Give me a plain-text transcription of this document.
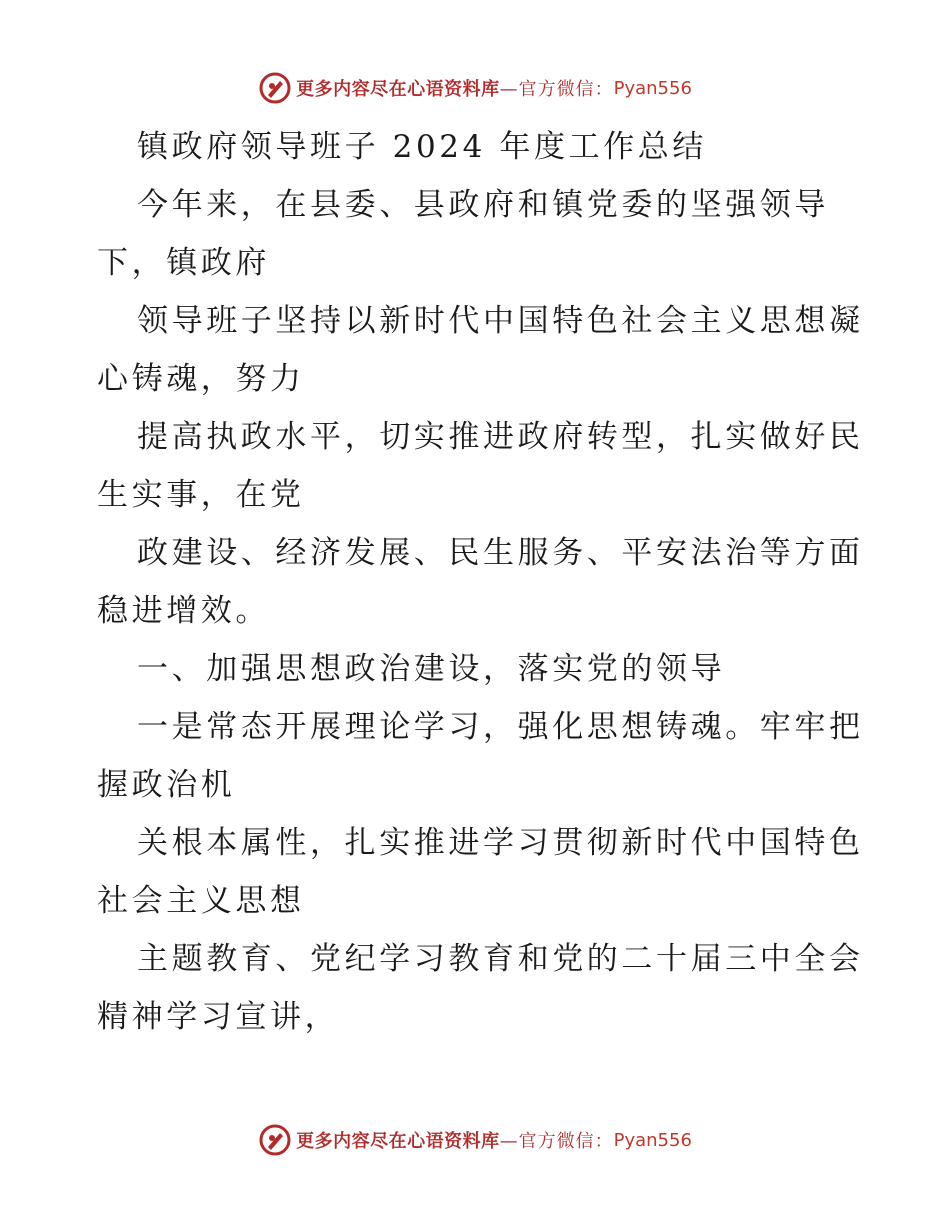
更多内容尽在心语资料库 —官方微信： Pyan556
镇政府领导班子 2024 年度工作总结
今年来，在县委、县政府和镇党委的坚强领导
下，镇政府
领导班子坚持以新时代中国特色社会主义思想凝
心铸魂，努力
提高执政水平，切实推进政府转型，扎实做好民
生实事，在党
政建设、经济发展、民生服务、平安法治等方面
稳进增效。
一、加强思想政治建设，落实党的领导
一是常态开展理论学习，强化思想铸魂。牢牢把
握政治机
关根本属性，扎实推进学习贯彻新时代中国特色
社会主义思想
主题教育、党纪学习教育和党的二十届三中全会
精神学习宣讲，
更多内容尽在心语资料库 —官方微信： Pyan556
